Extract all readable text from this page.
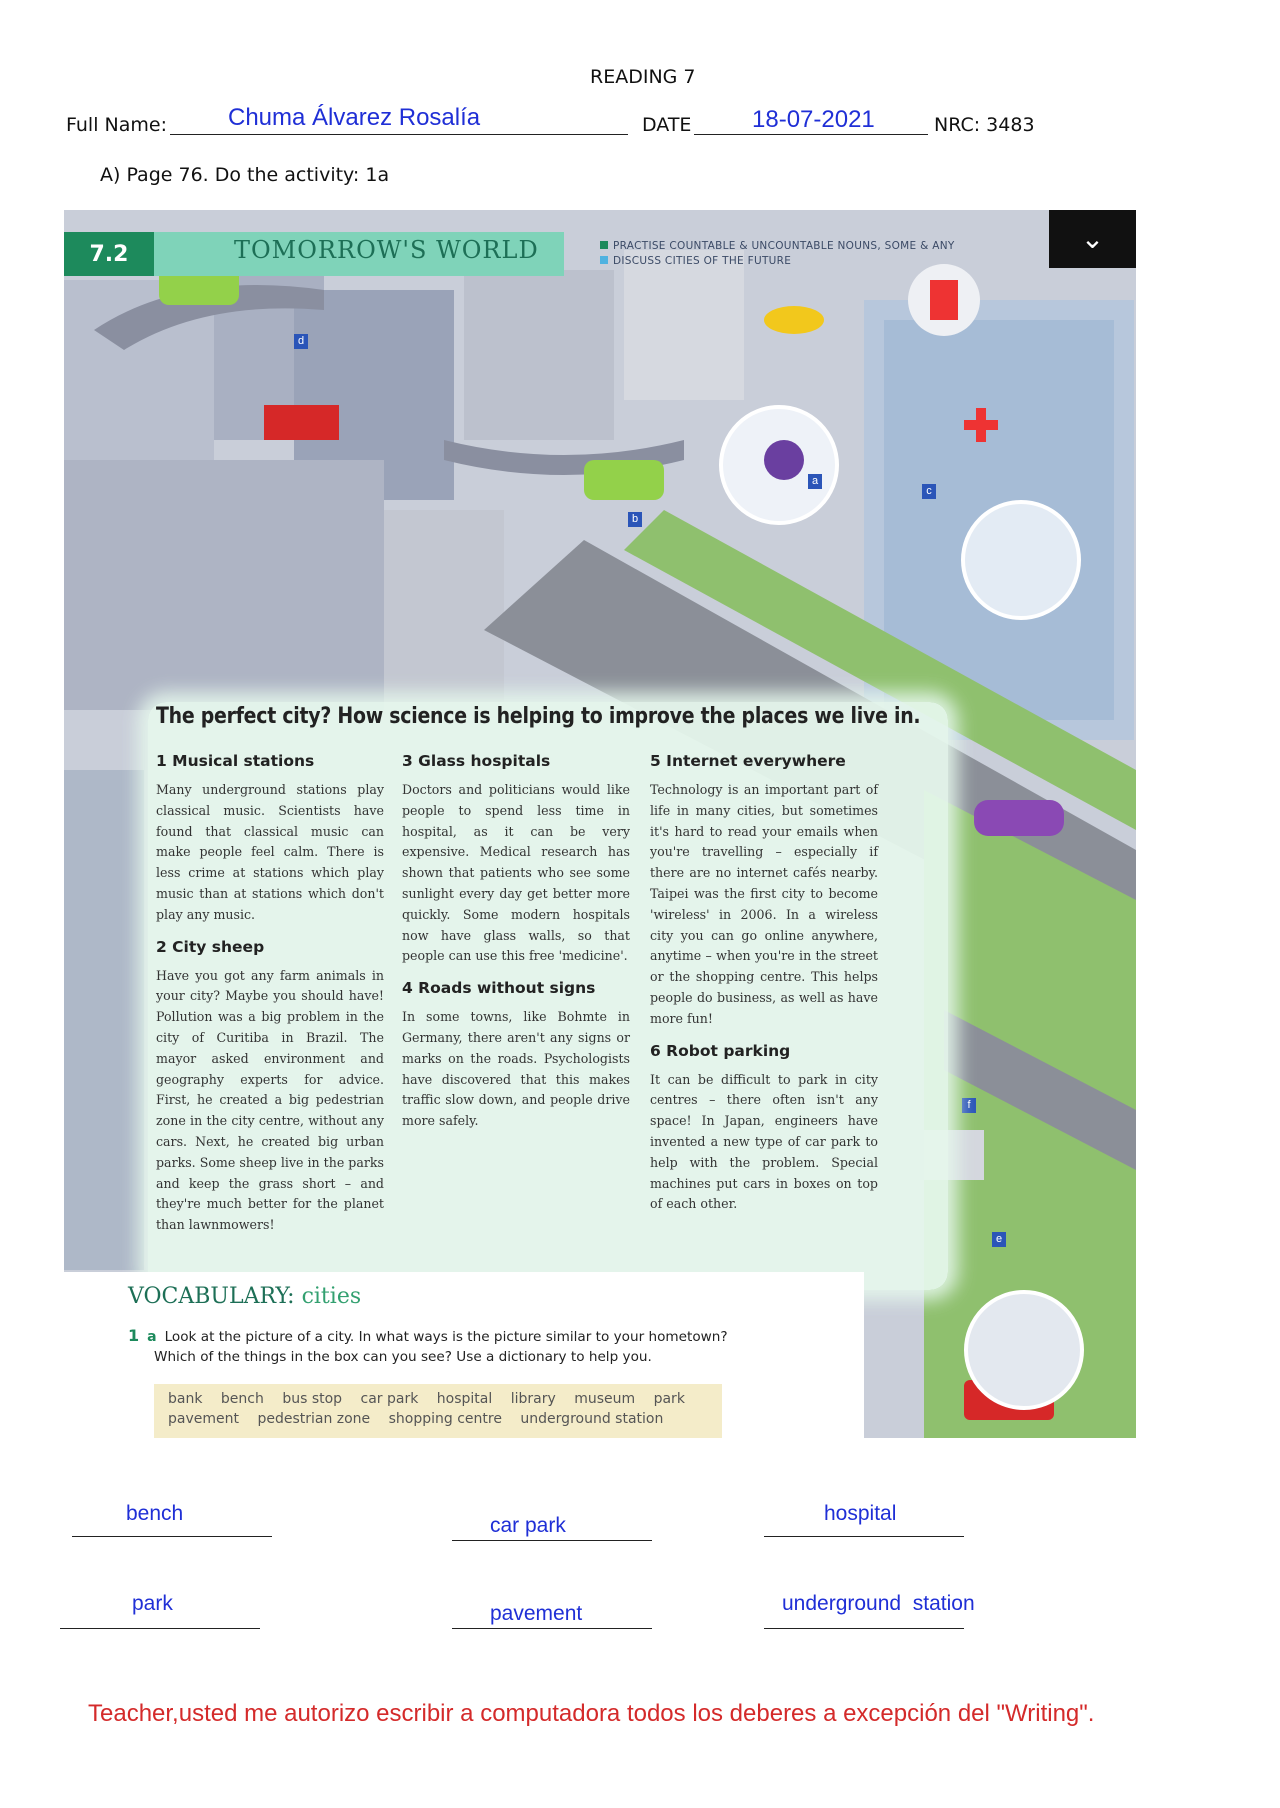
READING 7
Full Name:	Chuma Álvarez Rosalía	DATE	18-07-2021	NRC: 3483
A) Page 76. Do the activity: 1a
7.2	TOMORROW'S WORLD	PRACTISE COUNTABLE & UNCOUNTABLE NOUNS, SOME & ANY
DISCUSS CITIES OF THE FUTURE
⌄
d
a
b
c
f
e
The perfect city? How science is helping to improve the places we live in.
1 Musical stations

Many underground stations play classical music. Scientists have found that classical music can make people feel calm. There is less crime at stations which play music than at stations which don't play any music.

2 City sheep

Have you got any farm animals in your city? Maybe you should have! Pollution was a big problem in the city of Curitiba in Brazil. The mayor asked environment and geography experts for advice. First, he created a big pedestrian zone in the city centre, without any cars. Next, he created big urban parks. Some sheep live in the parks and keep the grass short – and they're much better for the planet than lawnmowers!

3 Glass hospitals

Doctors and politicians would like people to spend less time in hospital, as it can be very expensive. Medical research has shown that patients who see some sunlight every day get better more quickly. Some modern hospitals now have glass walls, so that people can use this free 'medicine'.

4 Roads without signs

In some towns, like Bohmte in Germany, there aren't any signs or marks on the roads. Psychologists have discovered that this makes traffic slow down, and people drive more safely.

5 Internet everywhere

Technology is an important part of life in many cities, but sometimes it's hard to read your emails when you're travelling – especially if there are no internet cafés nearby. Taipei was the first city to become 'wireless' in 2006. In a wireless city you can go online anywhere, anytime – when you're in the street or the shopping centre. This helps people do business, as well as have more fun!

6 Robot parking

It can be difficult to park in city centres – there often isn't any space! In Japan, engineers have invented a new type of car park to help with the problem. Special machines put cars in boxes on top of each other.

VOCABULARY: cities
1 a Look at the picture of a city. In what ways is the picture similar to your hometown?
Which of the things in the box can you see? Use a dictionary to help you.
bank bench bus stop car park hospital library museum park
pavement pedestrian zone shopping centre underground station
bench
car park
hospital
park	pavement	underground  station
Teacher,usted me autorizo escribir a computadora todos los deberes a excepción del "Writing".
